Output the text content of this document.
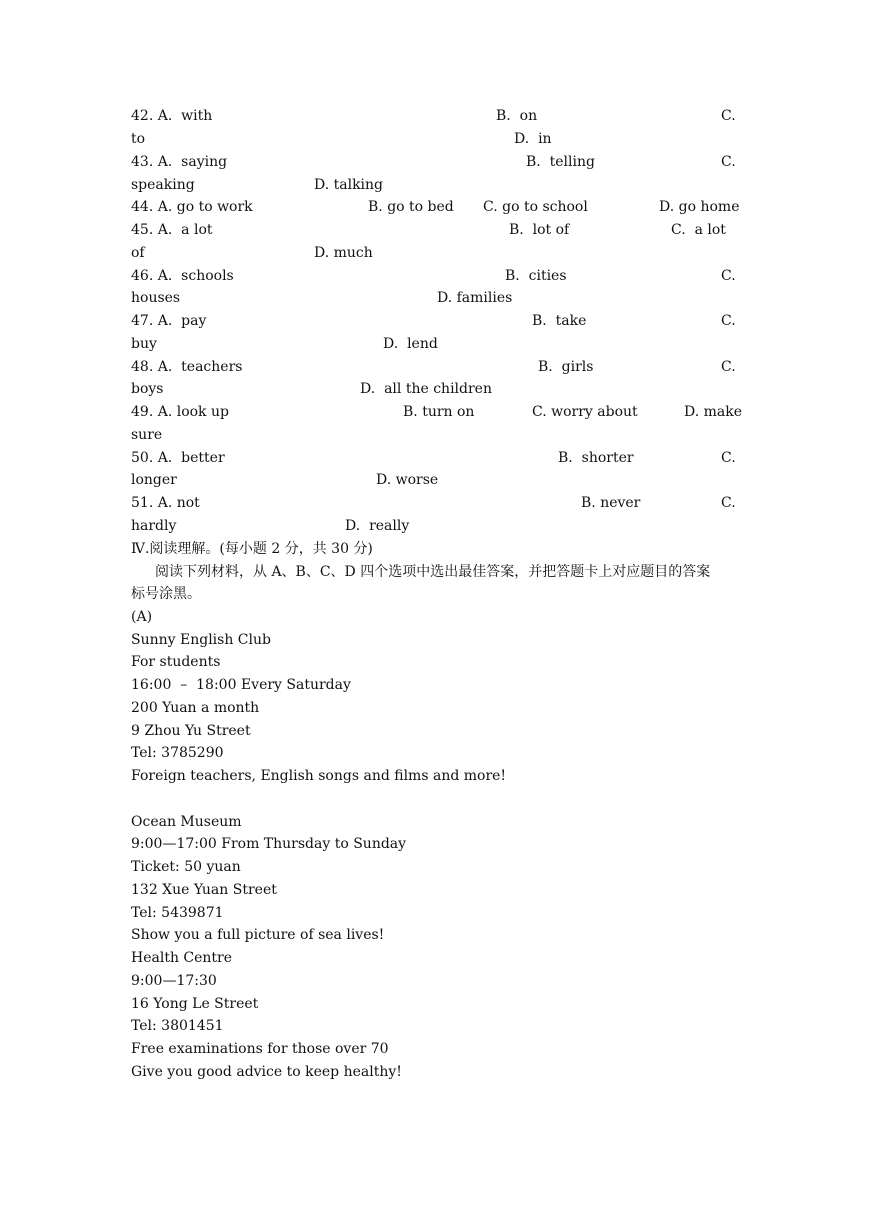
42. A.  with	B.  on	C.
to	D.  in
43. A.  saying	B.  telling	C.
speaking	D. talking
44. A. go to work	B. go to bed C. go to school	D. go home
45. A.  a lot	B.  lot of	C.  a lot
of	D. much
46. A.  schools	B.  cities	C.
houses	D. families
47. A.  pay	B.  take	C.
buy	D.  lend
48. A.  teachers	B.  girls	C.
boys	D.  all the children
49. A. look up	B. turn on	C. worry about	D. make
sure
50. A.  better	B.  shorter	C.
longer	D. worse
51. A. not	B. never	C.
hardly	D.  really
Ⅳ.阅读理解。(每小题 2 分，共 30 分)
阅读下列材料，从 A、B、C、D 四个选项中选出最佳答案，并把答题卡上对应题目的答案
标号涂黑。
(A)
Sunny English Club
For students
16:00  –  18:00 Every Saturday
200 Yuan a month
9 Zhou Yu Street
Tel: 3785290
Foreign teachers, English songs and films and more!
Ocean Museum
9:00—17:00 From Thursday to Sunday
Ticket: 50 yuan
132 Xue Yuan Street
Tel: 5439871
Show you a full picture of sea lives!
Health Centre
9:00—17:30
16 Yong Le Street
Tel: 3801451
Free examinations for those over 70
Give you good advice to keep healthy!
